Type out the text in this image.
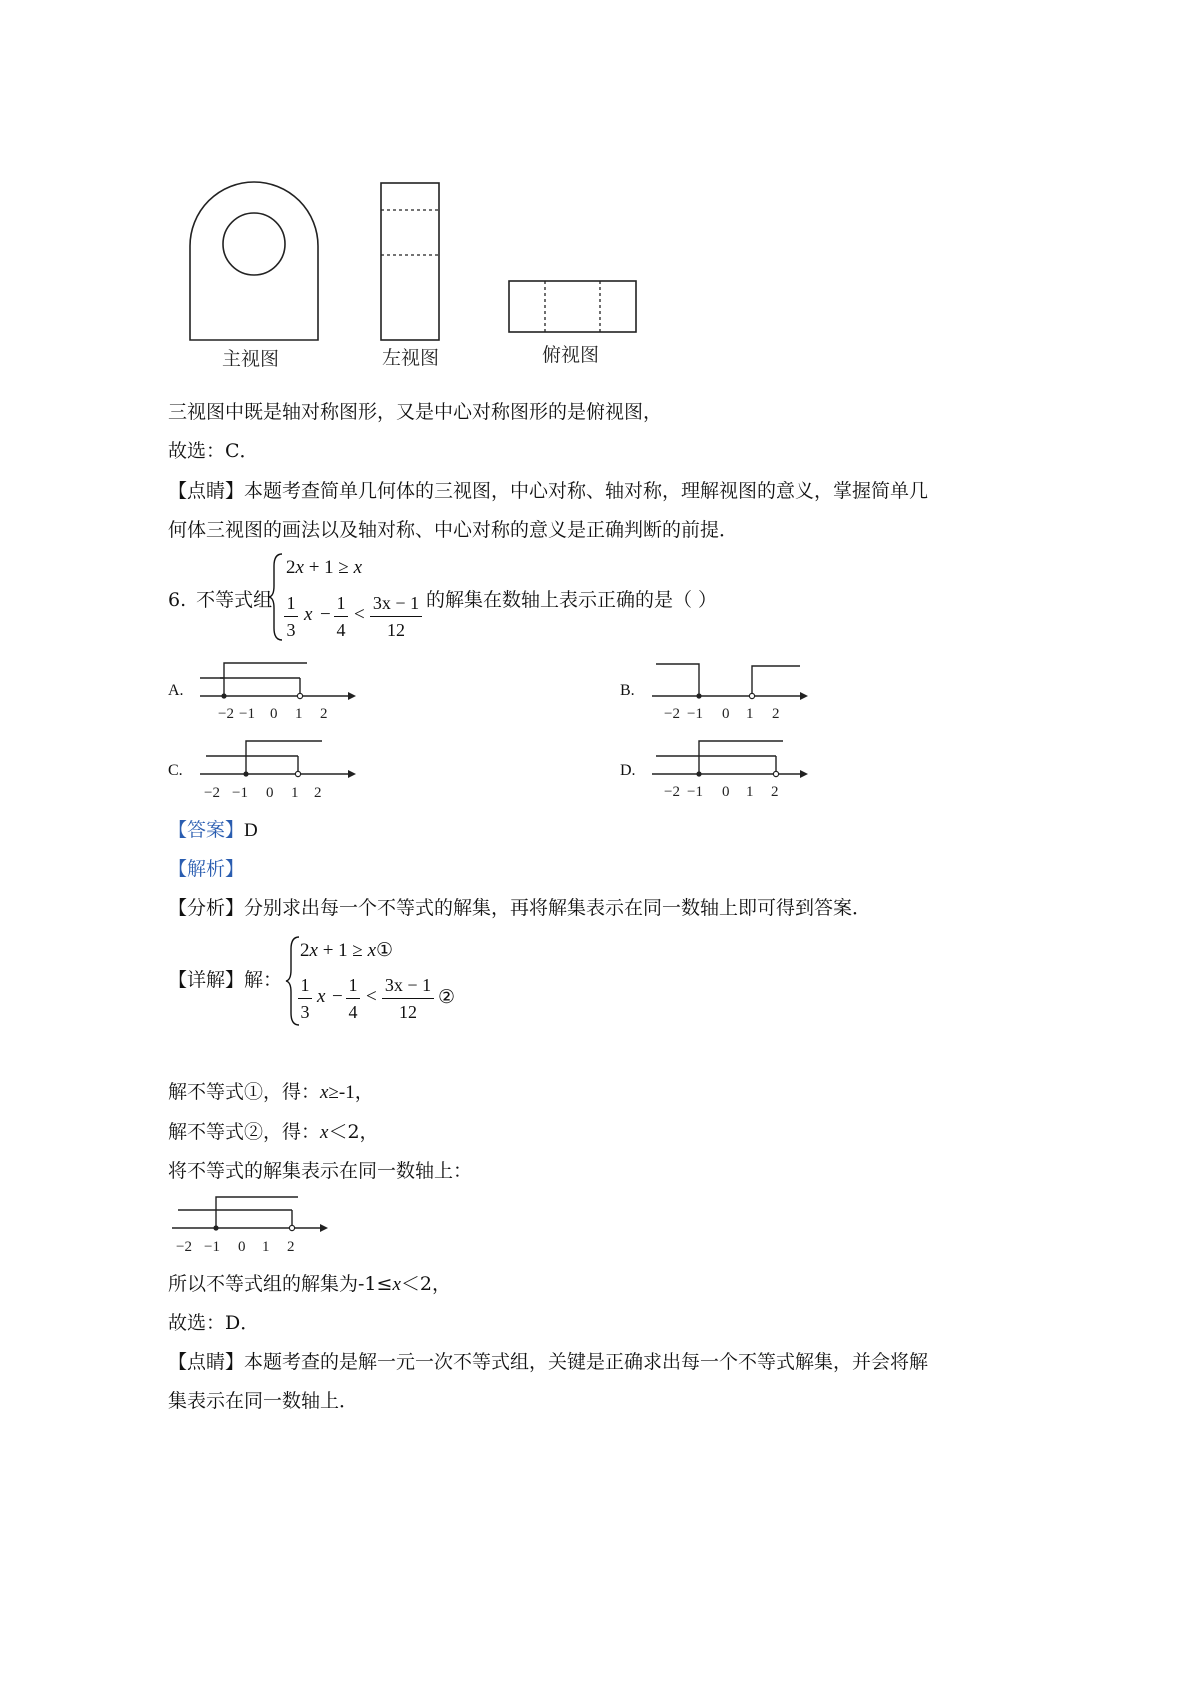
主视图	左视图	俯视图
三视图中既是轴对称图形，又是中心对称图形的是俯视图，
故选：C．
【点睛】本题考查简单几何体的三视图，中心对称、轴对称，理解视图的意义，掌握简单几
何体三视图的画法以及轴对称、中心对称的意义是正确判断的前提．
6. 不等式组
2x + 1 ≥ x
1
3
x −
1
4
<
3x − 1
12
的解集在数轴上表示正确的是（ ）
A.	B.
C.	D.
−2 −1 0 1 2	−2 −1 0 1 2
−2 −1 0 1 2	−2 −1 0 1 2
【答案】D
【解析】
【分析】分别求出每一个不等式的解集，再将解集表示在同一数轴上即可得到答案．
【详解】解：
2x + 1 ≥ x①
1
3
x −
1
4
<
3x − 1
12
②
解不等式①，得：x≥-1，
解不等式②，得：x＜2，
将不等式的解集表示在同一数轴上：
−2 −1 0 1 2
所以不等式组的解集为-1≤x＜2，
故选：D．
【点睛】本题考查的是解一元一次不等式组，关键是正确求出每一个不等式解集，并会将解
集表示在同一数轴上．
